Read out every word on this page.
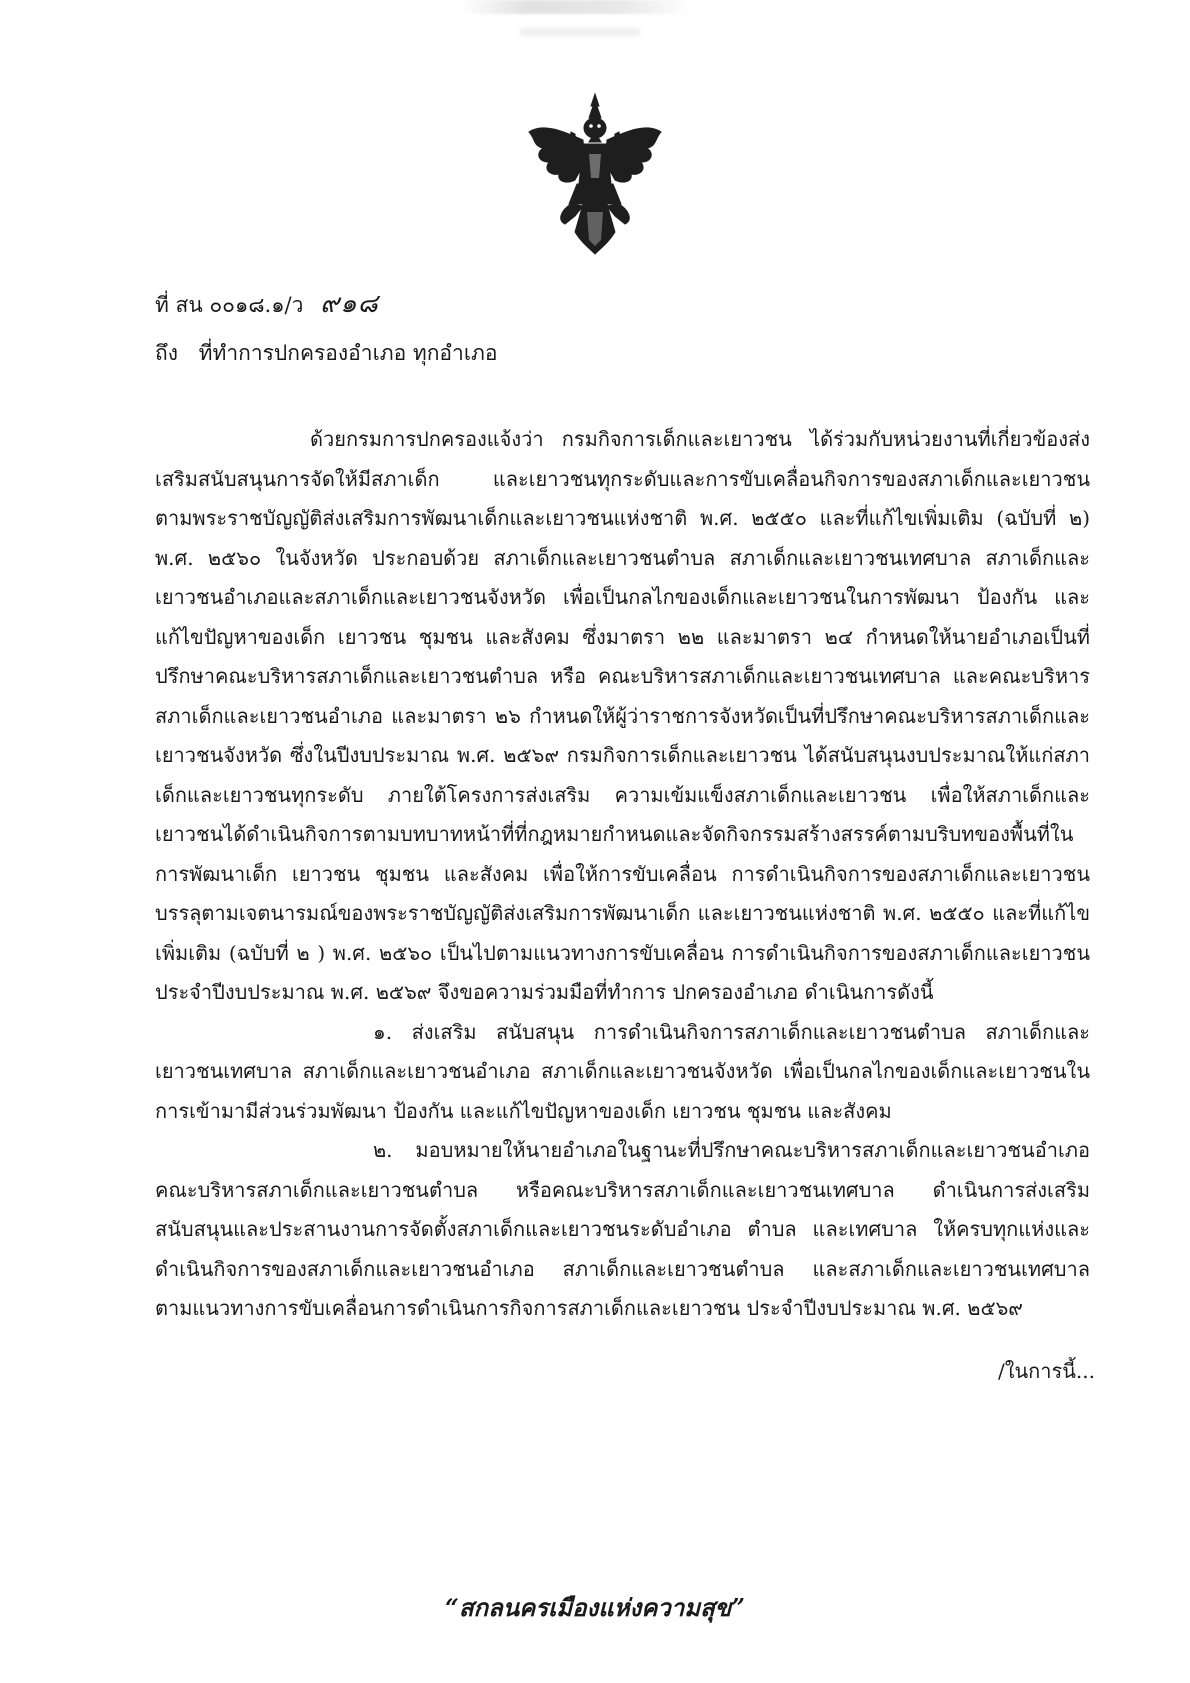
ที่ สน ๐๐๑๘.๑/ว ๙๑๘
ถึง ที่ทำการปกครองอำเภอ ทุกอำเภอ

ด้วยกรมการปกครองแจ้งว่า กรมกิจการเด็กและเยาวชน ได้ร่วมกับหน่วยงานที่เกี่ยวข้องส่งเสริมสนับสนุนการจัดให้มีสภาเด็ก และเยาวชนทุกระดับและการขับเคลื่อนกิจการของสภาเด็กและเยาวชน ตามพระราชบัญญัติส่งเสริมการพัฒนาเด็กและเยาวชนแห่งชาติ พ.ศ. ๒๕๕๐ และที่แก้ไขเพิ่มเติม (ฉบับที่ ๒) พ.ศ. ๒๕๖๐ ในจังหวัด ประกอบด้วย สภาเด็กและเยาวชนตำบล สภาเด็กและเยาวชนเทศบาล สภาเด็กและเยาวชนอำเภอและสภาเด็กและเยาวชนจังหวัด เพื่อเป็นกลไกของเด็กและเยาวชนในการพัฒนา ป้องกัน และแก้ไขปัญหาของเด็ก เยาวชน ชุมชน และสังคม ซึ่งมาตรา ๒๒ และมาตรา ๒๔ กำหนดให้นายอำเภอเป็นที่ปรึกษาคณะบริหารสภาเด็กและเยาวชนตำบล หรือ คณะบริหารสภาเด็กและเยาวชนเทศบาล และคณะบริหารสภาเด็กและเยาวชนอำเภอ และมาตรา ๒๖ กำหนดให้ผู้ว่าราชการจังหวัดเป็นที่ปรึกษาคณะบริหารสภาเด็กและเยาวชนจังหวัด ซึ่งในปีงบประมาณ พ.ศ. ๒๕๖๙ กรมกิจการเด็กและเยาวชน ได้สนับสนุนงบประมาณให้แก่สภาเด็กและเยาวชนทุกระดับ ภายใต้โครงการส่งเสริม ความเข้มแข็งสภาเด็กและเยาวชน เพื่อให้สภาเด็กและเยาวชนได้ดำเนินกิจการตามบทบาทหน้าที่ที่กฎหมายกำหนดและจัดกิจกรรมสร้างสรรค์ตามบริบทของพื้นที่ในการพัฒนาเด็ก เยาวชน ชุมชน และสังคม เพื่อให้การขับเคลื่อน การดำเนินกิจการของสภาเด็กและเยาวชนบรรลุตามเจตนารมณ์ของพระราชบัญญัติส่งเสริมการพัฒนาเด็ก และเยาวชนแห่งชาติ พ.ศ. ๒๕๕๐ และที่แก้ไขเพิ่มเติม (ฉบับที่ ๒ ) พ.ศ. ๒๕๖๐ เป็นไปตามแนวทางการขับเคลื่อน การดำเนินกิจการของสภาเด็กและเยาวชนประจำปีงบประมาณ พ.ศ. ๒๕๖๙ จึงขอความร่วมมือที่ทำการ ปกครองอำเภอ ดำเนินการดังนี้

๑. ส่งเสริม สนับสนุน การดำเนินกิจการสภาเด็กและเยาวชนตำบล สภาเด็กและเยาวชนเทศบาล สภาเด็กและเยาวชนอำเภอ สภาเด็กและเยาวชนจังหวัด เพื่อเป็นกลไกของเด็กและเยาวชนในการเข้ามามีส่วนร่วมพัฒนา ป้องกัน และแก้ไขปัญหาของเด็ก เยาวชน ชุมชน และสังคม

๒. มอบหมายให้นายอำเภอในฐานะที่ปรึกษาคณะบริหารสภาเด็กและเยาวชนอำเภอ คณะบริหารสภาเด็กและเยาวชนตำบล หรือคณะบริหารสภาเด็กและเยาวชนเทศบาล ดำเนินการส่งเสริมสนับสนุนและประสานงานการจัดตั้งสภาเด็กและเยาวชนระดับอำเภอ ตำบล และเทศบาล ให้ครบทุกแห่งและดำเนินกิจการของสภาเด็กและเยาวชนอำเภอ สภาเด็กและเยาวชนตำบล และสภาเด็กและเยาวชนเทศบาล ตามแนวทางการขับเคลื่อนการดำเนินการกิจการสภาเด็กและเยาวชน ประจำปีงบประมาณ พ.ศ. ๒๕๖๙

/ในการนี้...
“สกลนครเมืองแห่งความสุข”
